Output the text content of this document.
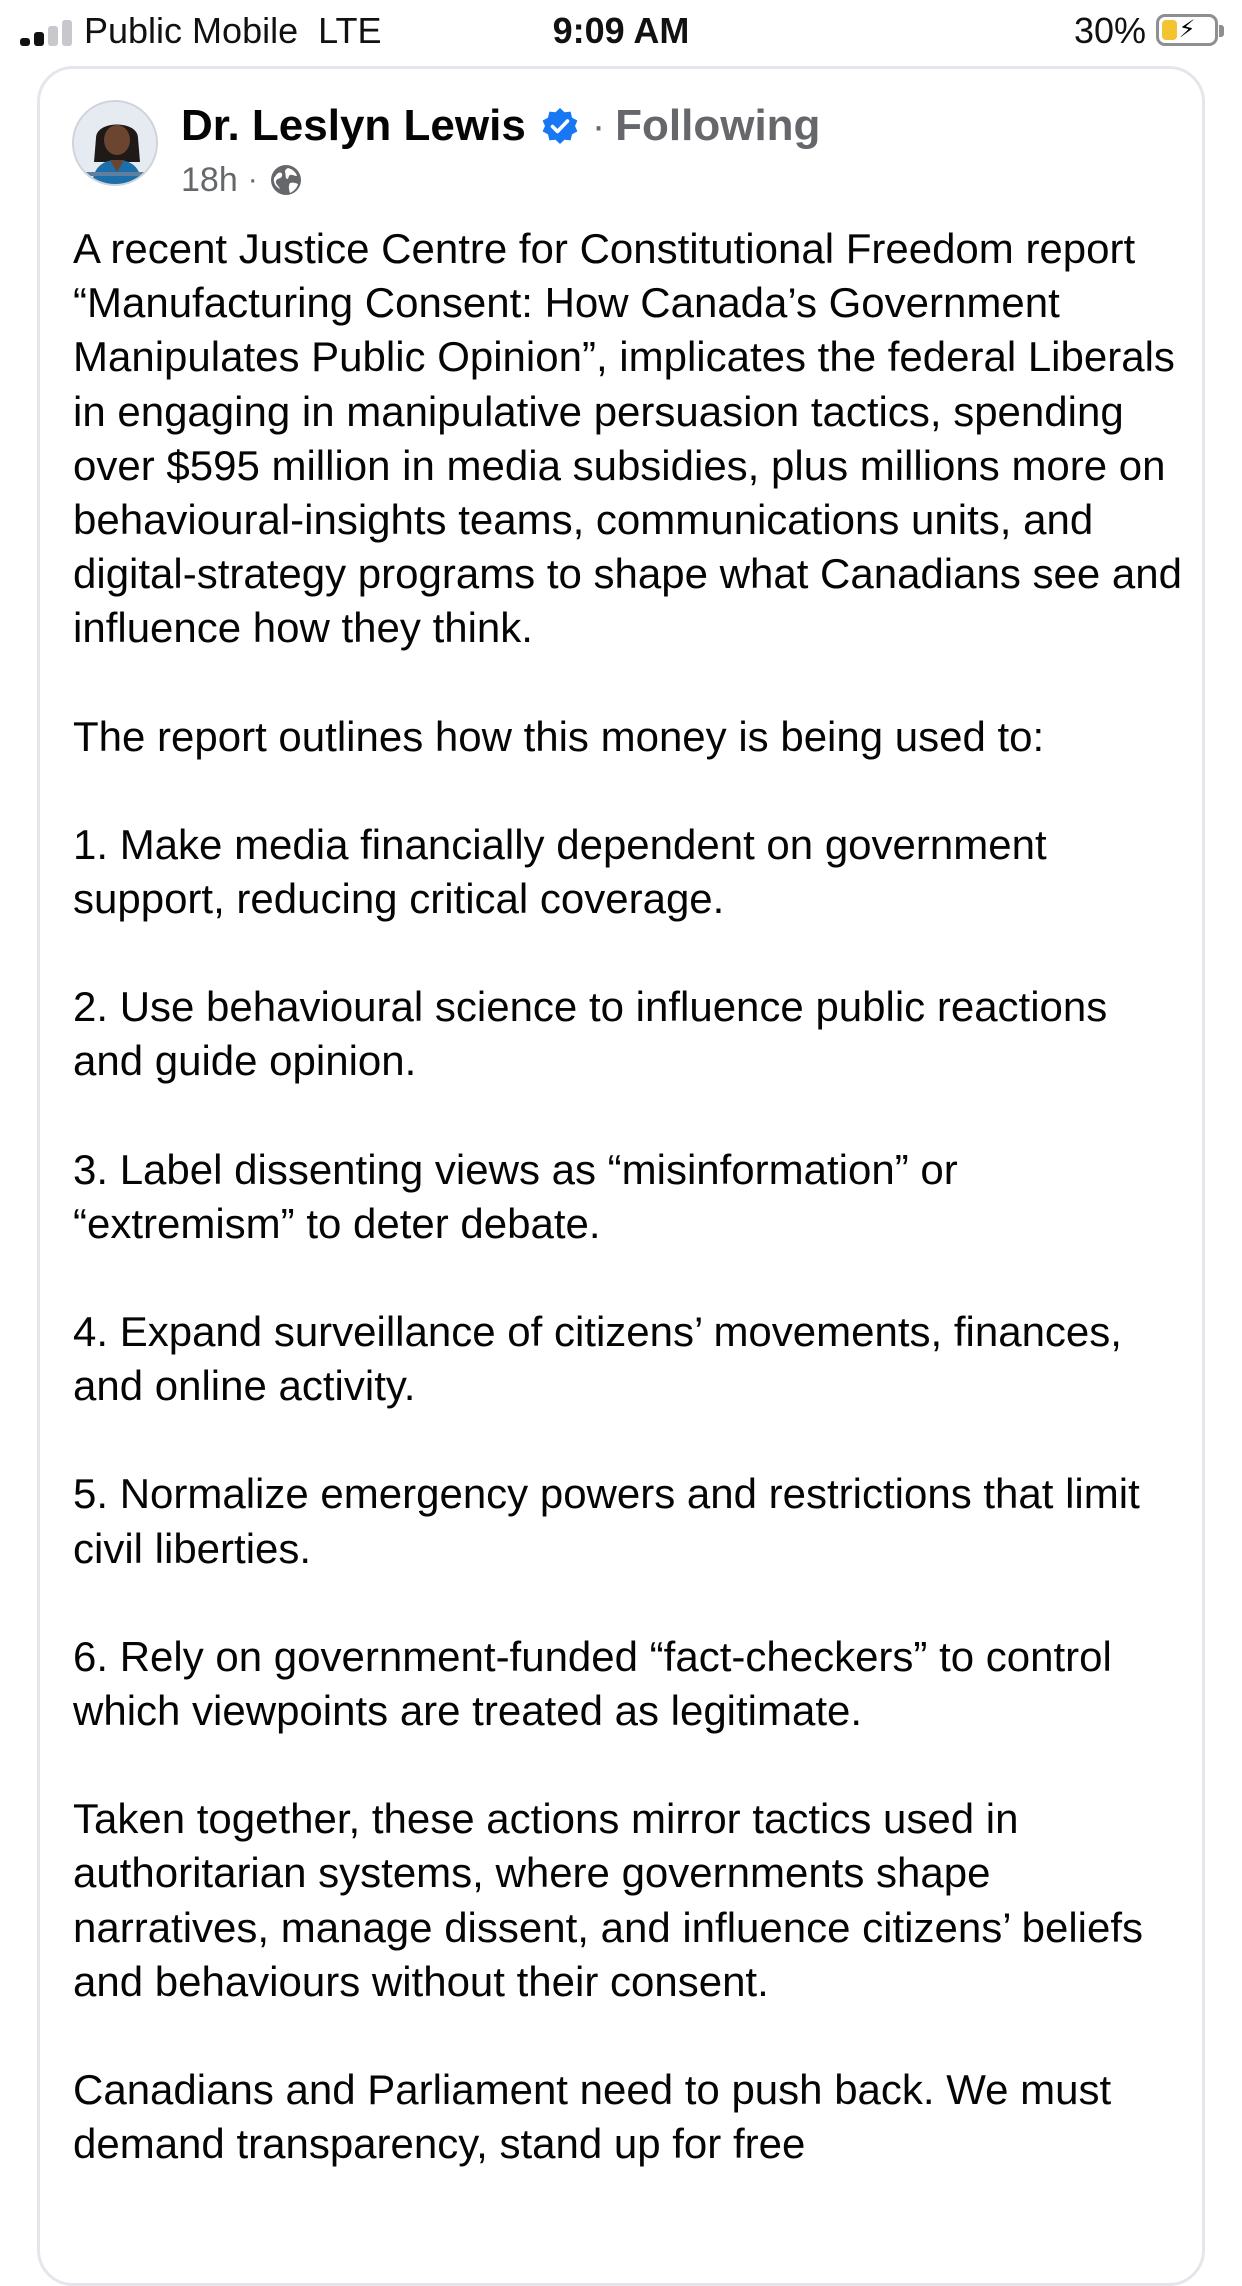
Public Mobile LTE	9:09 AM	30%	⚡
Dr. Leslyn Lewis · Following
18h ·

A recent Justice Centre for Constitutional Freedom report “Manufacturing Consent: How Canada’s Government Manipulates Public Opinion”, implicates the federal Liberals in engaging in manipulative persuasion tactics, spending over $595 million in media subsidies, plus millions more on behavioural-insights teams, communications units, and digital-strategy programs to shape what Canadians see and influence how they think.

The report outlines how this money is being used to:

1. Make media financially dependent on government support, reducing critical coverage.

2. Use behavioural science to influence public reactions and guide opinion.

3. Label dissenting views as “misinformation” or “extremism” to deter debate.

4. Expand surveillance of citizens’ movements, finances, and online activity.

5. Normalize emergency powers and restrictions that limit civil liberties.

6. Rely on government-funded “fact-checkers” to control which viewpoints are treated as legitimate.

Taken together, these actions mirror tactics used in authoritarian systems, where governments shape narratives, manage dissent, and influence citizens’ beliefs and behaviours without their consent.

Canadians and Parliament need to push back. We must demand transparency, stand up for free
